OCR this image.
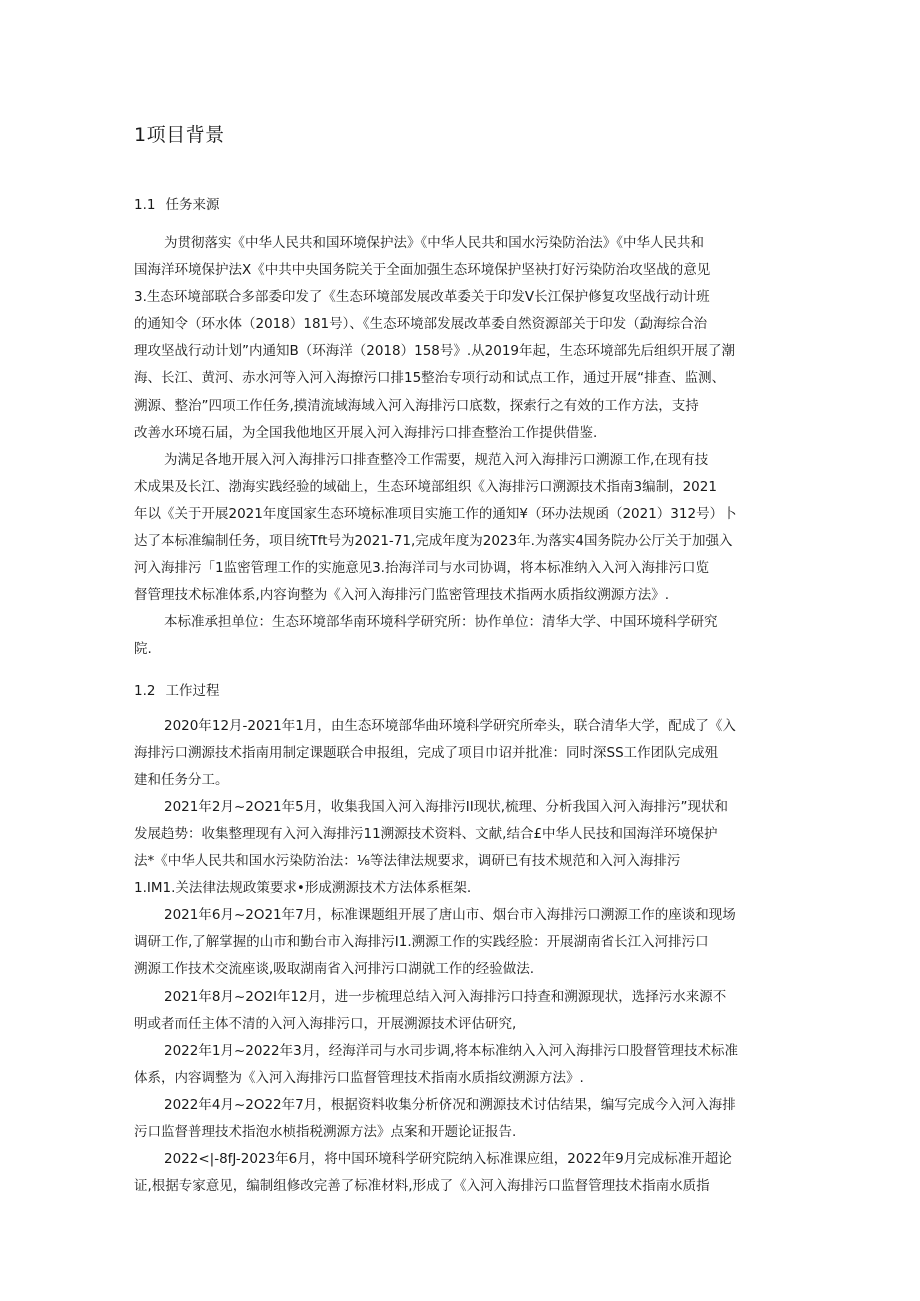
1项目背景
1.1 任务来源
为贯彻落实《中华人民共和国环境保护法》《中华人民共和国水污染防治法》《中华人民共和
国海洋环境保护法X《中共中央国务院关于全面加强生态环境保护坚袂打好污染防治攻坚战的意见
3.生态环境部联合多部委印发了《生态环境部发展改革委关于印发V长江保护修复攻坚战行动计班
的通知令（环水体（2018）181号）、《生态环境部发展改革委自然资源部关于印发（勐海综合治
理攻坚战行动计划”内通知B（环海洋（2018）158号》.从2019年起，生态环境部先后组织开展了潮
海、长江、黄河、赤水河等入河入海撩污口排15整治专项行动和试点工作，通过开展“排查、监测、
溯源、整治”四项工作任务,摸清流域海域入河入海排污口底数，探索行之有效的工作方法，支持
改善水环境石届，为全国我他地区开展入河入海排污口排查整治工作提供借鉴.
为满足各地开展入河入海排污口排查整冷工作需要，规范入河入海排污口溯源工作,在现有技
术成果及长江、渤海实践经验的域础上，生态环境部组织《入海排污口溯源技术指南3编制，2021
年以《关于开展2021年度国家生态环境标准项目实施工作的通知¥（环办法规函（2021）312号）卜
达了本标准编制任务，项目统Tft号为2021-71,完成年度为2023年.为落实4国务院办公厅关于加强入
河入海排污「1监密管理工作的实施意见3.抬海洋司与水司协调，将本标准纳入入河入海排污口览
督管理技术标准体系,内容询整为《入河入海排污门监密管理技术指两水质指纹溯源方法》.
本标准承担单位：生态环境部华南环境科学研究所：协作单位：清华大学、中国环境科学研究
院.
1.2 工作过程
2020年12月-2021年1月，由生态环境部华曲环境科学研究所牵头，联合清华大学，配成了《入
海排污口溯源技术指南用制定课题联合申报组，完成了项目巾诏并批准：同时深SS工作团队完成殂
建和任务分工。
2021年2月~2O21年5月，收集我国入河入海排污II现状,梳理、分析我国入河入海排污”现状和
发展趋势：收集整理现有入河入海排污11溯源技术资料、文献,结合£中华人民技和国海洋环境保护
法*《中华人民共和国水污染防治法：⅛等法律法规要求，调研已有技术规范和入河入海排污
1.IM1.关法律法规政策要求•形成溯源技术方法体系框架.
2021年6月~2O21年7月，标准课题组开展了唐山市、烟台市入海排污口溯源工作的座谈和现场
调研工作,了解掌握的山市和勤台市入海排污I1.溯源工作的实践经脸：开展湖南省长江入河排污口
溯源工作技术交流座谈,吸取湖南省入河排污口湖就工作的经验做法.
2021年8月~2O2I年12月，进一步梳理总结入河入海排污口持查和溯源现状，选择污水来源不
明或者而任主体不清的入河入海排污口，开展溯源技术评估研究,
2022年1月~2022年3月，经海洋司与水司步调,将本标准纳入入河入海排污口股督管理技术标准
体系，内容调整为《入河入海排污口监督管理技术指南水质指纹溯源方法》.
2022年4月~2O22年7月，根据资料收集分析侪况和溯源技术讨估结果，编写完成今入河入海排
污口监督普理技术指泡水桢指税溯源方法》点案和开题论证报告.
2022<|-8fJ-2023年6月，将中国环境科学研究院纳入标准课应组，2022年9月完成标准开超论
证,根据专家意见，编制组修改完善了标准材料,形成了《入河入海排污口监督管理技术指南水质指
